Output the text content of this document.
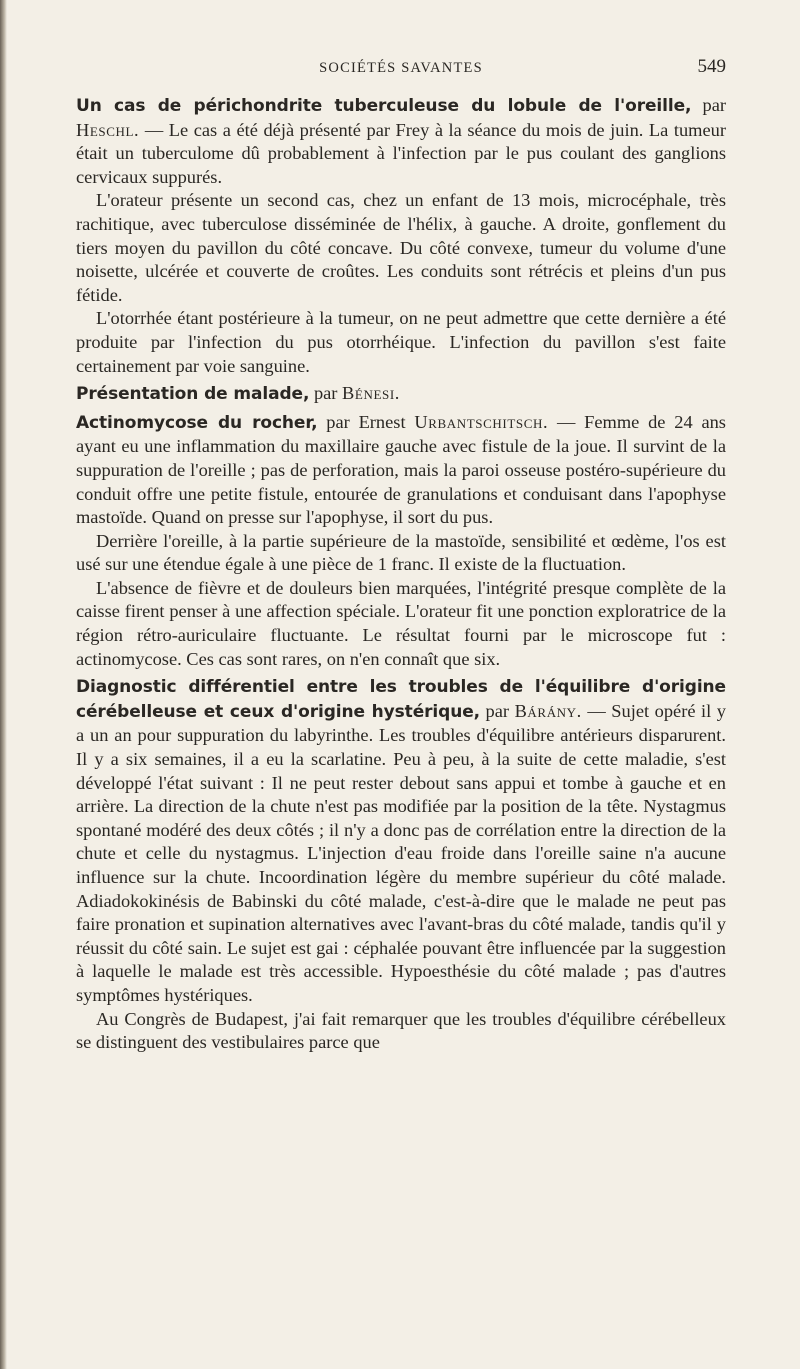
SOCIÉTÉS SAVANTES	549

Un cas de périchondrite tuberculeuse du lobule de l'oreille, par Heschl. — Le cas a été déjà présenté par Frey à la séance du mois de juin. La tumeur était un tuberculome dû probablement à l'infection par le pus coulant des ganglions cervicaux suppurés.

L'orateur présente un second cas, chez un enfant de 13 mois, microcéphale, très rachitique, avec tuberculose disséminée de l'hélix, à gauche. A droite, gonflement du tiers moyen du pavillon du côté concave. Du côté convexe, tumeur du volume d'une noisette, ulcérée et couverte de croûtes. Les conduits sont rétrécis et pleins d'un pus fétide.

L'otorrhée étant postérieure à la tumeur, on ne peut admettre que cette dernière a été produite par l'infection du pus otorrhéique. L'infection du pavillon s'est faite certainement par voie sanguine.

Présentation de malade, par Bénesi.

Actinomycose du rocher, par Ernest Urbantschitsch. — Femme de 24 ans ayant eu une inflammation du maxillaire gauche avec fistule de la joue. Il survint de la suppuration de l'oreille ; pas de perforation, mais la paroi osseuse postéro-supérieure du conduit offre une petite fistule, entourée de granulations et conduisant dans l'apophyse mastoïde. Quand on presse sur l'apophyse, il sort du pus.

Derrière l'oreille, à la partie supérieure de la mastoïde, sensibilité et œdème, l'os est usé sur une étendue égale à une pièce de 1 franc. Il existe de la fluctuation.

L'absence de fièvre et de douleurs bien marquées, l'intégrité presque complète de la caisse firent penser à une affection spéciale. L'orateur fit une ponction exploratrice de la région rétro-auriculaire fluctuante. Le résultat fourni par le microscope fut : actinomycose. Ces cas sont rares, on n'en connaît que six.

Diagnostic différentiel entre les troubles de l'équilibre d'origine cérébelleuse et ceux d'origine hystérique, par Bárány. — Sujet opéré il y a un an pour suppuration du labyrinthe. Les troubles d'équilibre antérieurs disparurent. Il y a six semaines, il a eu la scarlatine. Peu à peu, à la suite de cette maladie, s'est développé l'état suivant : Il ne peut rester debout sans appui et tombe à gauche et en arrière. La direction de la chute n'est pas modifiée par la position de la tête. Nystagmus spontané modéré des deux côtés ; il n'y a donc pas de corrélation entre la direction de la chute et celle du nystagmus. L'injection d'eau froide dans l'oreille saine n'a aucune influence sur la chute. Incoordination légère du membre supérieur du côté malade. Adiadokokinésis de Babinski du côté malade, c'est-à-dire que le malade ne peut pas faire pronation et supination alternatives avec l'avant-bras du côté malade, tandis qu'il y réussit du côté sain. Le sujet est gai : céphalée pouvant être influencée par la suggestion à laquelle le malade est très accessible. Hypoesthésie du côté malade ; pas d'autres symptômes hystériques.

Au Congrès de Budapest, j'ai fait remarquer que les troubles d'équilibre cérébelleux se distinguent des vestibulaires parce que
